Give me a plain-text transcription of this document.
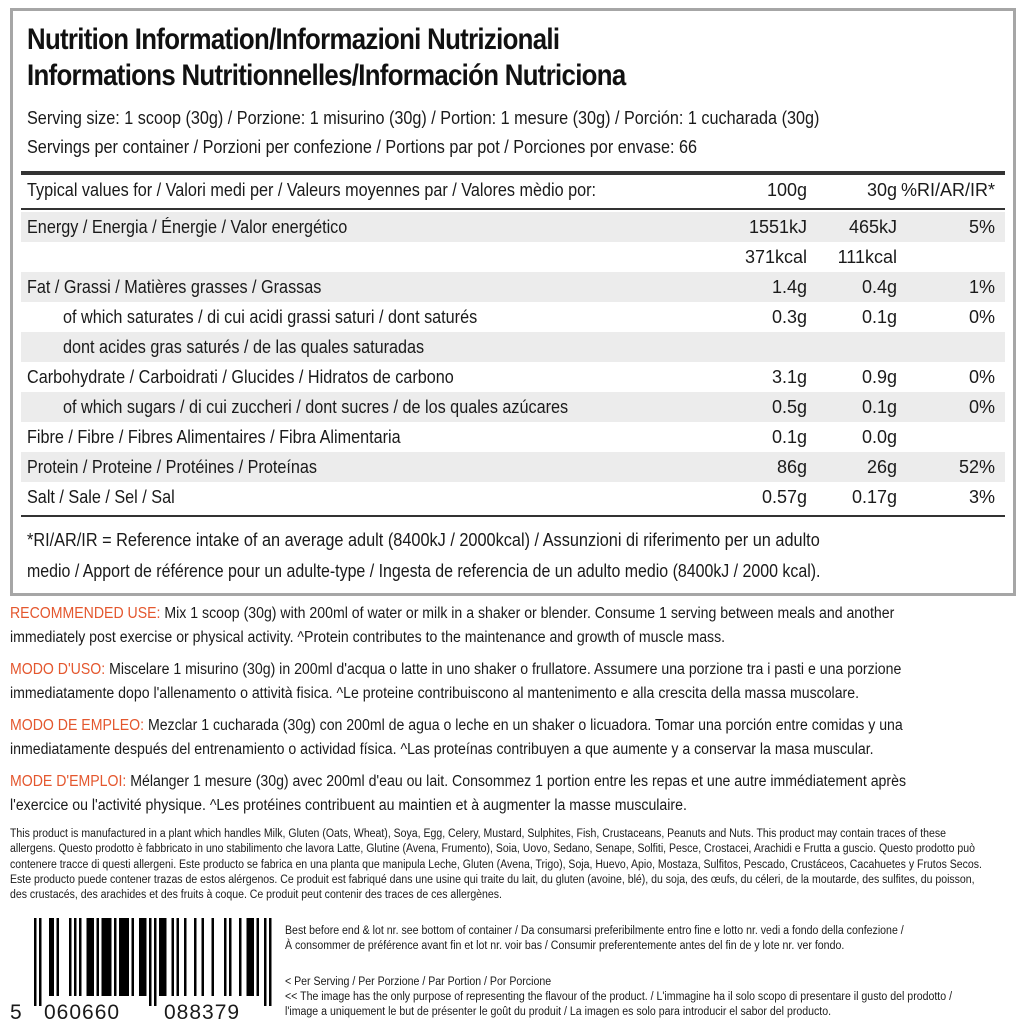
Nutrition Information/Informazioni Nutrizionali
Informations Nutritionnelles/Información Nutriciona
Serving size: 1 scoop (30g) / Porzione: 1 misurino (30g) / Portion: 1 mesure (30g) / Porción: 1 cucharada (30g)
Servings per container / Porzioni per confezione / Portions par pot / Porciones por envase: 66
Typical values for / Valori medi per / Valeurs moyennes par / Valores mèdio por:	100g	30g %RI/AR/IR*
Energy / Energia / Énergie / Valor energético	1551kJ 465kJ	5%
371kcal 111kcal
Fat / Grassi / Matières grasses / Grassas	1.4g	0.4g	1%
of which saturates / di cui acidi grassi saturi / dont saturés	0.3g	0.1g	0%
dont acides gras saturés / de las quales saturadas
Carbohydrate / Carboidrati / Glucides / Hidratos de carbono	3.1g	0.9g	0%
of which sugars / di cui zuccheri / dont sucres / de los quales azúcares	0.5g	0.1g	0%
Fibre / Fibre / Fibres Alimentaires / Fibra Alimentaria	0.1g	0.0g
Protein / Proteine / Protéines / Proteínas	86g	26g	52%
Salt / Sale / Sel / Sal	0.57g 0.17g	3%
*RI/AR/IR = Reference intake of an average adult (8400kJ / 2000kcal) / Assunzioni di riferimento per un adulto
medio / Apport de référence pour un adulte-type / Ingesta de referencia de un adulto medio (8400kJ / 2000 kcal).
RECOMMENDED USE: Mix 1 scoop (30g) with 200ml of water or milk in a shaker or blender. Consume 1 serving between meals and another
immediately post exercise or physical activity. ^Protein contributes to the maintenance and growth of muscle mass.
MODO D'USO: Miscelare 1 misurino (30g) in 200ml d'acqua o latte in uno shaker o frullatore. Assumere una porzione tra i pasti e una porzione
immediatamente dopo l'allenamento o attività fisica. ^Le proteine contribuiscono al mantenimento e alla crescita della massa muscolare.
MODO DE EMPLEO: Mezclar 1 cucharada (30g) con 200ml de agua o leche en un shaker o licuadora. Tomar una porción entre comidas y una
inmediatamente después del entrenamiento o actividad física. ^Las proteínas contribuyen a que aumente y a conservar la masa muscular.
MODE D'EMPLOI: Mélanger 1 mesure (30g) avec 200ml d'eau ou lait. Consommez 1 portion entre les repas et une autre immédiatement après
l'exercice ou l'activité physique. ^Les protéines contribuent au maintien et à augmenter la masse musculaire.
This product is manufactured in a plant which handles Milk, Gluten (Oats, Wheat), Soya, Egg, Celery, Mustard, Sulphites, Fish, Crustaceans, Peanuts and Nuts. This product may contain traces of these
allergens. Questo prodotto è fabbricato in uno stabilimento che lavora Latte, Glutine (Avena, Frumento), Soia, Uovo, Sedano, Senape, Solfiti, Pesce, Crostacei, Arachidi e Frutta a guscio. Questo prodotto può
contenere tracce di questi allergeni. Este producto se fabrica en una planta que manipula Leche, Gluten (Avena, Trigo), Soja, Huevo, Apio, Mostaza, Sulfitos, Pescado, Crustáceos, Cacahuetes y Frutos Secos.
Este producto puede contener trazas de estos alérgenos. Ce produit est fabriqué dans une usine qui traite du lait, du gluten (avoine, blé), du soja, des œufs, du céleri, de la moutarde, des sulfites, du poisson,
des crustacés, des arachides et des fruits à coque. Ce produit peut contenir des traces de ces allergènes.
5 060660 088379
Best before end & lot nr. see bottom of container / Da consumarsi preferibilmente entro fine e lotto nr. vedi a fondo della confezione /
À consommer de préférence avant fin et lot nr. voir bas / Consumir preferentemente antes del fin de y lote nr. ver fondo.
< Per Serving / Per Porzione / Par Portion / Por Porcione
<< The image has the only purpose of representing the flavour of the product. / L'immagine ha il solo scopo di presentare il gusto del prodotto /
l'image a uniquement le but de présenter le goût du produit / La imagen es solo para introducir el sabor del producto.
